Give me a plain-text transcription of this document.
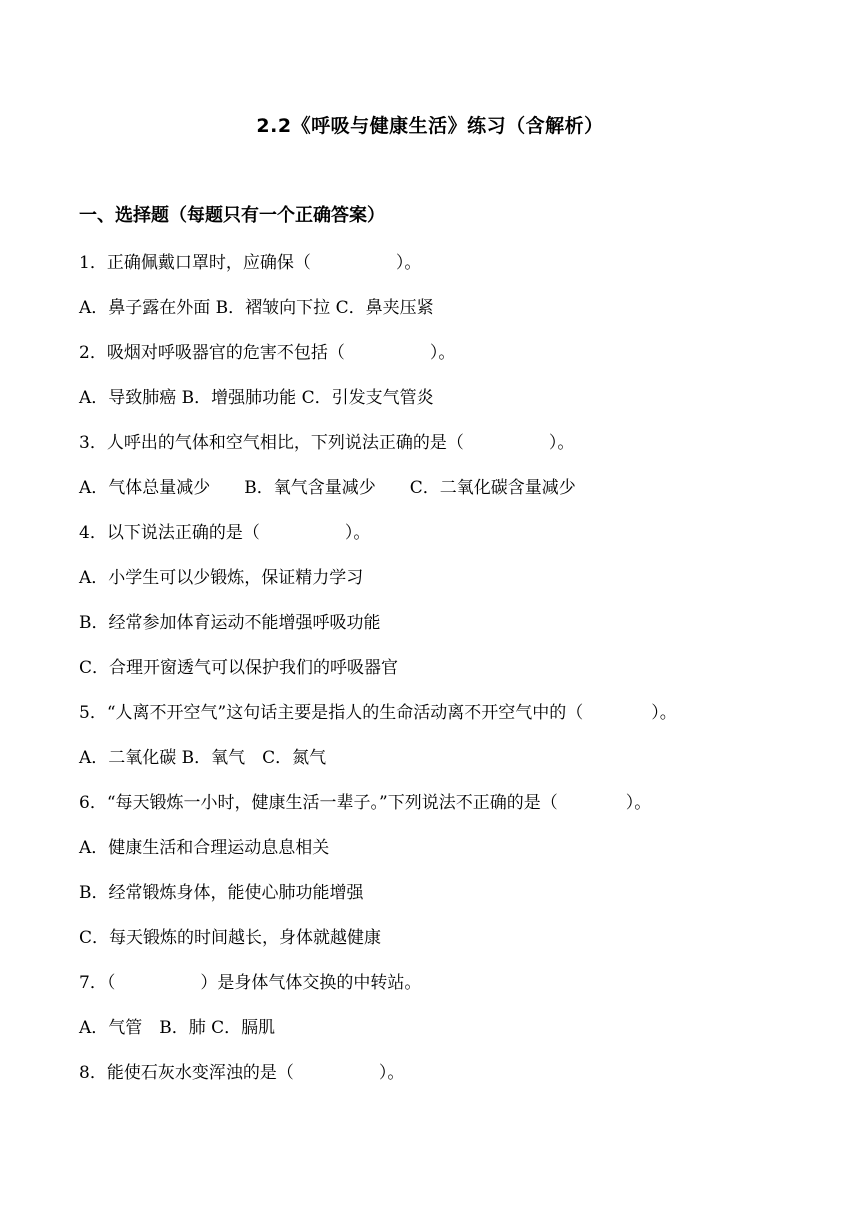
2.2《呼吸与健康生活》练习（含解析）
一、选择题（每题只有一个正确答案）
1．正确佩戴口罩时，应确保（　　　　　）。
A．鼻子露在外面 B．褶皱向下拉 C．鼻夹压紧
2．吸烟对呼吸器官的危害不包括（　　　　　）。
A．导致肺癌 B．增强肺功能 C．引发支气管炎
3．人呼出的气体和空气相比，下列说法正确的是（　　　　　）。
A．气体总量减少　　B．氧气含量减少　　C．二氧化碳含量减少
4．以下说法正确的是（　　　　　）。
A．小学生可以少锻炼，保证精力学习
B．经常参加体育运动不能增强呼吸功能
C．合理开窗透气可以保护我们的呼吸器官
5．“人离不开空气”这句话主要是指人的生命活动离不开空气中的（　　　　）。
A．二氧化碳 B．氧气　C．氮气
6．“每天锻炼一小时，健康生活一辈子。”下列说法不正确的是（　　　　）。
A．健康生活和合理运动息息相关
B．经常锻炼身体，能使心肺功能增强
C．每天锻炼的时间越长，身体就越健康
7．（　　　　　）是身体气体交换的中转站。
A．气管　B．肺 C．膈肌
8．能使石灰水变浑浊的是（　　　　　）。
